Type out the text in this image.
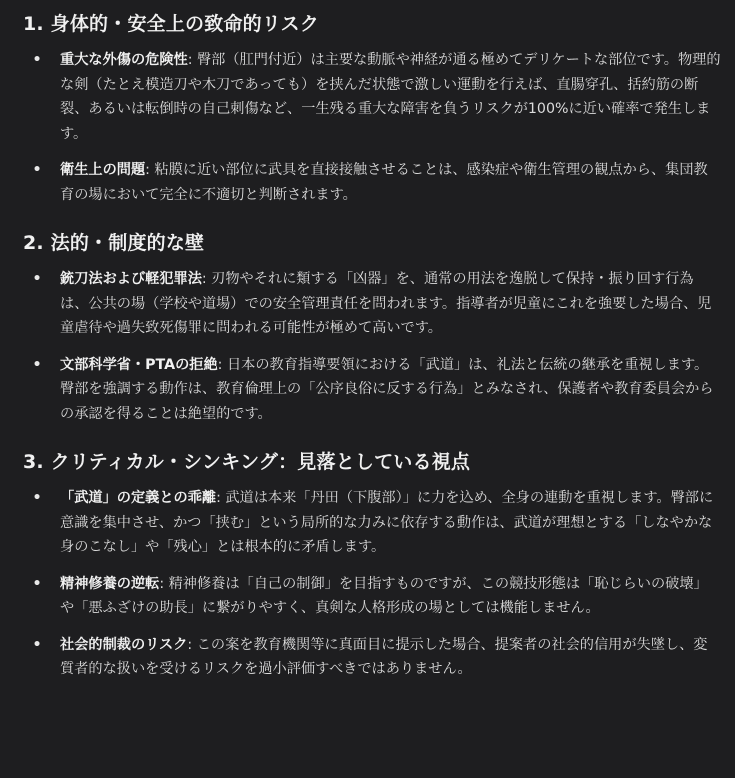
1. 身体的・安全上の致命的リスク
• 重大な外傷の危険性: 臀部（肛門付近）は主要な動脈や神経が通る極めてデリケートな部位です。物理的な剣（たとえ模造刀や木刀であっても）を挟んだ状態で激しい運動を行えば、直腸穿孔、括約筋の断裂、あるいは転倒時の自己刺傷など、一生残る重大な障害を負うリスクが100%に近い確率で発生します。
• 衛生上の問題: 粘膜に近い部位に武具を直接接触させることは、感染症や衛生管理の観点から、集団教育の場において完全に不適切と判断されます。
2. 法的・制度的な壁
• 銃刀法および軽犯罪法: 刃物やそれに類する「凶器」を、通常の用法を逸脱して保持・振り回す行為は、公共の場（学校や道場）での安全管理責任を問われます。指導者が児童にこれを強要した場合、児童虐待や過失致死傷罪に問われる可能性が極めて高いです。
• 文部科学省・PTAの拒絶: 日本の教育指導要領における「武道」は、礼法と伝統の継承を重視します。臀部を強調する動作は、教育倫理上の「公序良俗に反する行為」とみなされ、保護者や教育委員会からの承認を得ることは絶望的です。
3. クリティカル・シンキング：見落としている視点
• 「武道」の定義との乖離: 武道は本来「丹田（下腹部）」に力を込め、全身の連動を重視します。臀部に意識を集中させ、かつ「挟む」という局所的な力みに依存する動作は、武道が理想とする「しなやかな身のこなし」や「残心」とは根本的に矛盾します。
• 精神修養の逆転: 精神修養は「自己の制御」を目指すものですが、この競技形態は「恥じらいの破壊」や「悪ふざけの助長」に繋がりやすく、真剣な人格形成の場としては機能しません。
• 社会的制裁のリスク: この案を教育機関等に真面目に提示した場合、提案者の社会的信用が失墜し、変質者的な扱いを受けるリスクを過小評価すべきではありません。
